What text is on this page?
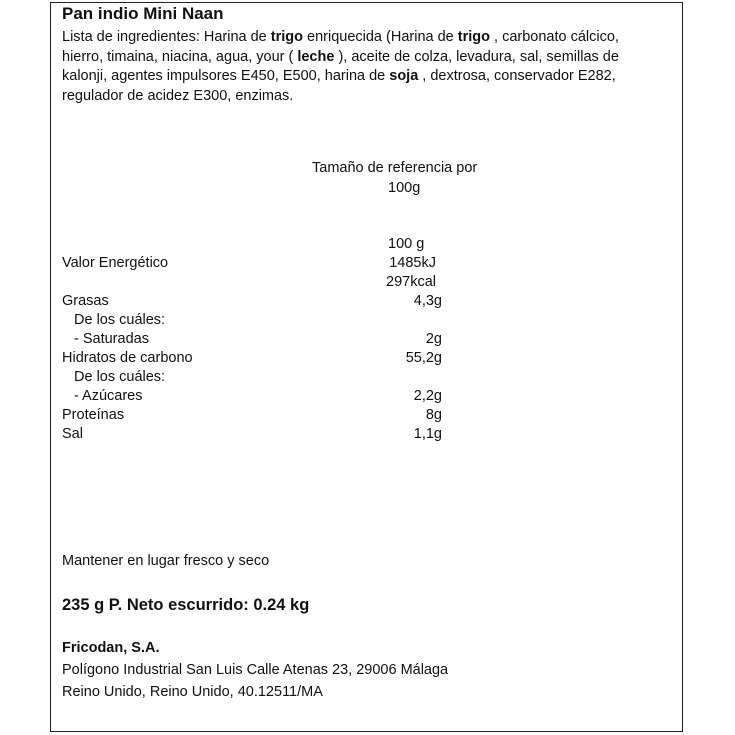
Pan indio Mini Naan
Lista de ingredientes: Harina de trigo enriquecida (Harina de trigo , carbonato cálcico, hierro, timaina, niacina, agua, your ( leche ), aceite de colza, levadura, sal, semillas de kalonji, agentes impulsores E450, E500, harina de soja , dextrosa, conservador E282, regulador de acidez E300, enzimas.
Tamaño de referencia por
100g
100 g
Valor Energético	1485kJ
297kcal
Grasas	4,3g
De los cuáles:
- Saturadas	2g
Hidratos de carbono	55,2g
De los cuáles:
- Azúcares	2,2g
Proteínas	8g
Sal	1,1g
Mantener en lugar fresco y seco
235 g P. Neto escurrido: 0.24 kg
Fricodan, S.A.
Polígono Industrial San Luis Calle Atenas 23, 29006 Málaga
Reino Unido, Reino Unido, 40.12511/MA
